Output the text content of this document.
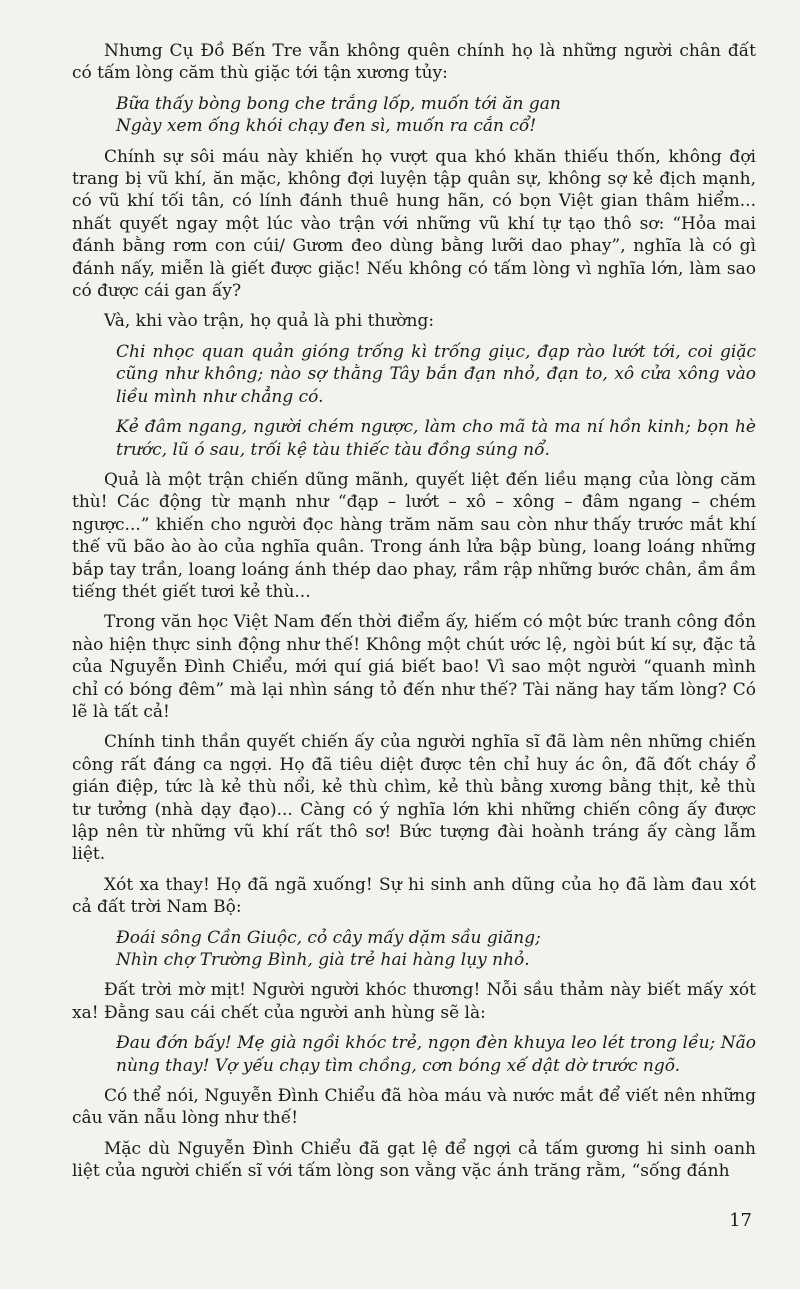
Nhưng Cụ Đồ Bến Tre vẫn không quên chính họ là những người chân đất có tấm lòng căm thù giặc tới tận xương tủy:

Bữa thấy bòng bong che trắng lốp, muốn tới ăn gan
Ngày xem ống khói chạy đen sì, muốn ra cắn cổ!

Chính sự sôi máu này khiến họ vượt qua khó khăn thiếu thốn, không đợi trang bị vũ khí, ăn mặc, không đợi luyện tập quân sự, không sợ kẻ địch mạnh, có vũ khí tối tân, có lính đánh thuê hung hãn, có bọn Việt gian thâm hiểm... nhất quyết ngay một lúc vào trận với những vũ khí tự tạo thô sơ: “Hỏa mai đánh bằng rơm con cúi/ Gươm đeo dùng bằng lưỡi dao phay”, nghĩa là có gì đánh nấy, miễn là giết được giặc! Nếu không có tấm lòng vì nghĩa lớn, làm sao có được cái gan ấy?

Và, khi vào trận, họ quả là phi thường:

Chi nhọc quan quản gióng trống kì trống giục, đạp rào lướt tới, coi giặc cũng như không; nào sợ thằng Tây bắn đạn nhỏ, đạn to, xô cửa xông vào liều mình như chẳng có.
Kẻ đâm ngang, người chém ngược, làm cho mã tà ma ní hồn kinh; bọn hè trước, lũ ó sau, trối kệ tàu thiếc tàu đồng súng nổ.

Quả là một trận chiến dũng mãnh, quyết liệt đến liều mạng của lòng căm thù! Các động từ mạnh như “đạp – lướt – xô – xông – đâm ngang – chém ngược...” khiến cho người đọc hàng trăm năm sau còn như thấy trước mắt khí thế vũ bão ào ào của nghĩa quân. Trong ánh lửa bập bùng, loang loáng những bắp tay trần, loang loáng ánh thép dao phay, rầm rập những bước chân, ầm ầm tiếng thét giết tươi kẻ thù...

Trong văn học Việt Nam đến thời điểm ấy, hiếm có một bức tranh công đồn nào hiện thực sinh động như thế! Không một chút ước lệ, ngòi bút kí sự, đặc tả của Nguyễn Đình Chiểu, mới quí giá biết bao! Vì sao một người “quanh mình chỉ có bóng đêm” mà lại nhìn sáng tỏ đến như thế? Tài năng hay tấm lòng? Có lẽ là tất cả!

Chính tinh thần quyết chiến ấy của người nghĩa sĩ đã làm nên những chiến công rất đáng ca ngợi. Họ đã tiêu diệt được tên chỉ huy ác ôn, đã đốt cháy ổ gián điệp, tức là kẻ thù nổi, kẻ thù chìm, kẻ thù bằng xương bằng thịt, kẻ thù tư tưởng (nhà dạy đạo)... Càng có ý nghĩa lớn khi những chiến công ấy được lập nên từ những vũ khí rất thô sơ! Bức tượng đài hoành tráng ấy càng lẫm liệt.

Xót xa thay! Họ đã ngã xuống! Sự hi sinh anh dũng của họ đã làm đau xót cả đất trời Nam Bộ:

Đoái sông Cần Giuộc, cỏ cây mấy dặm sầu giăng;
Nhìn chợ Trường Bình, già trẻ hai hàng lụy nhỏ.

Đất trời mờ mịt! Người người khóc thương! Nỗi sầu thảm này biết mấy xót xa! Đằng sau cái chết của người anh hùng sẽ là:

Đau đớn bấy! Mẹ già ngồi khóc trẻ, ngọn đèn khuya leo lét trong lều; Não nùng thay! Vợ yếu chạy tìm chồng, cơn bóng xế dật dờ trước ngõ.

Có thể nói, Nguyễn Đình Chiểu đã hòa máu và nước mắt để viết nên những câu văn nẫu lòng như thế!

Mặc dù Nguyễn Đình Chiểu đã gạt lệ để ngợi cả tấm gương hi sinh oanh liệt của người chiến sĩ với tấm lòng son vằng vặc ánh trăng rằm, “sống đánh

17
